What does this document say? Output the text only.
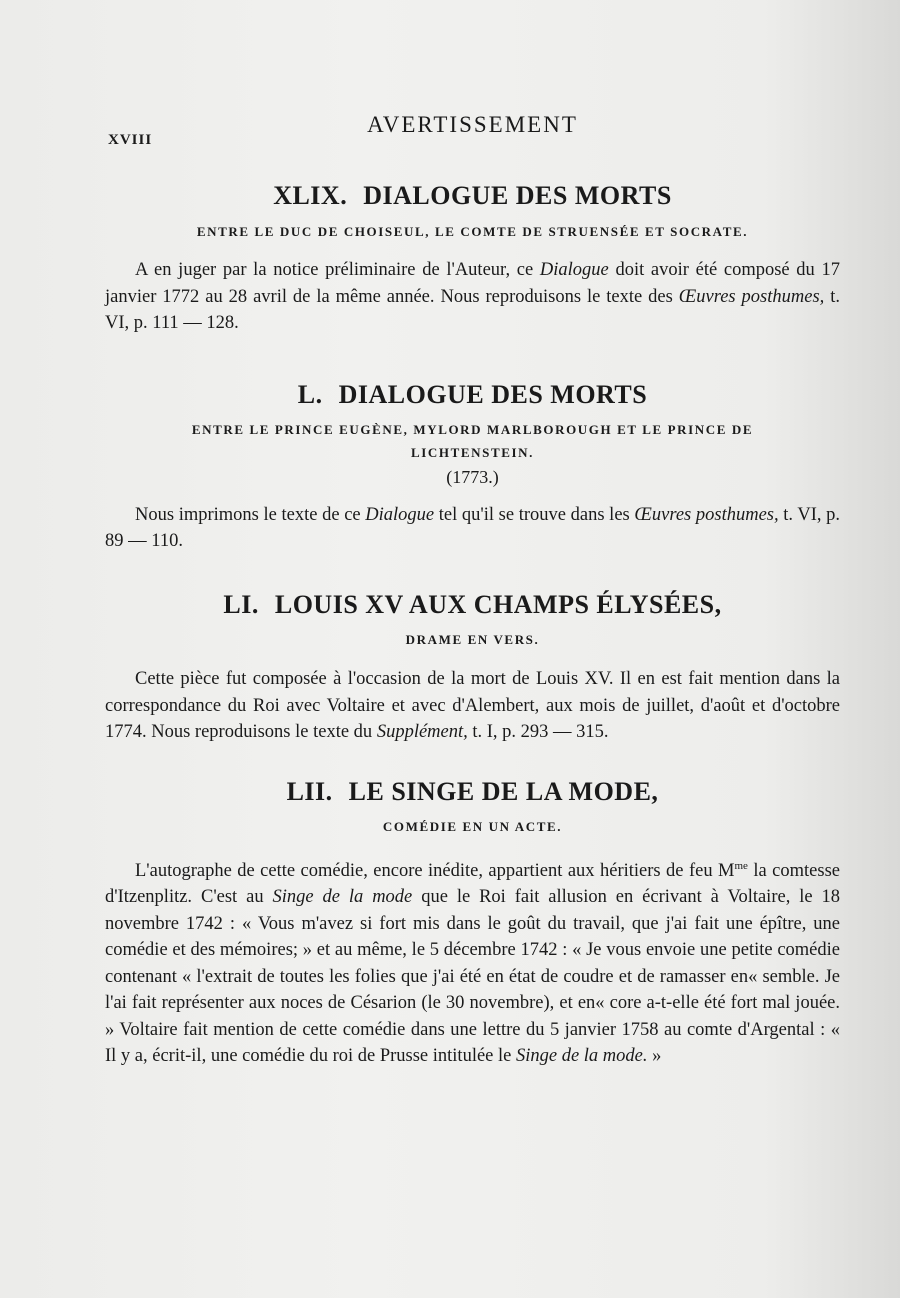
XVIII
AVERTISSEMENT
XLIX. DIALOGUE DES MORTS
ENTRE LE DUC DE CHOISEUL, LE COMTE DE STRUENSÉE ET SOCRATE.

A en juger par la notice préliminaire de l'Auteur, ce Dialogue doit avoir été composé du 17 janvier 1772 au 28 avril de la même année. Nous reproduisons le texte des Œuvres posthumes, t. VI, p. 111 — 128.

L. DIALOGUE DES MORTS
ENTRE LE PRINCE EUGÈNE, MYLORD MARLBOROUGH ET LE PRINCE DE LICHTENSTEIN.
(1773.)

Nous imprimons le texte de ce Dialogue tel qu'il se trouve dans les Œuvres posthumes, t. VI, p. 89 — 110.

LI. LOUIS XV AUX CHAMPS ÉLYSÉES,
DRAME EN VERS.

Cette pièce fut composée à l'occasion de la mort de Louis XV. Il en est fait mention dans la correspondance du Roi avec Voltaire et avec d'Alembert, aux mois de juillet, d'août et d'octobre 1774. Nous reproduisons le texte du Supplément, t. I, p. 293 — 315.

LII. LE SINGE DE LA MODE,
COMÉDIE EN UN ACTE.

L'autographe de cette comédie, encore inédite, appartient aux héritiers de feu $M^{me}$ la comtesse d'Itzenplitz. C'est au Singe de la mode que le Roi fait allusion en écrivant à Voltaire, le 18 novembre 1742 : « Vous m'avez si fort mis dans le goût du travail, que j'ai fait une épître, une comédie et des mémoires; » et au même, le 5 décembre 1742 : « Je vous envoie une petite comédie contenant « l'extrait de toutes les folies que j'ai été en état de coudre et de ramasser en« semble. Je l'ai fait représenter aux noces de Césarion (le 30 novembre), et en« core a-t-elle été fort mal jouée. » Voltaire fait mention de cette comédie dans une lettre du 5 janvier 1758 au comte d'Argental : « Il y a, écrit-il, une comédie du roi de Prusse intitulée le Singe de la mode. »
